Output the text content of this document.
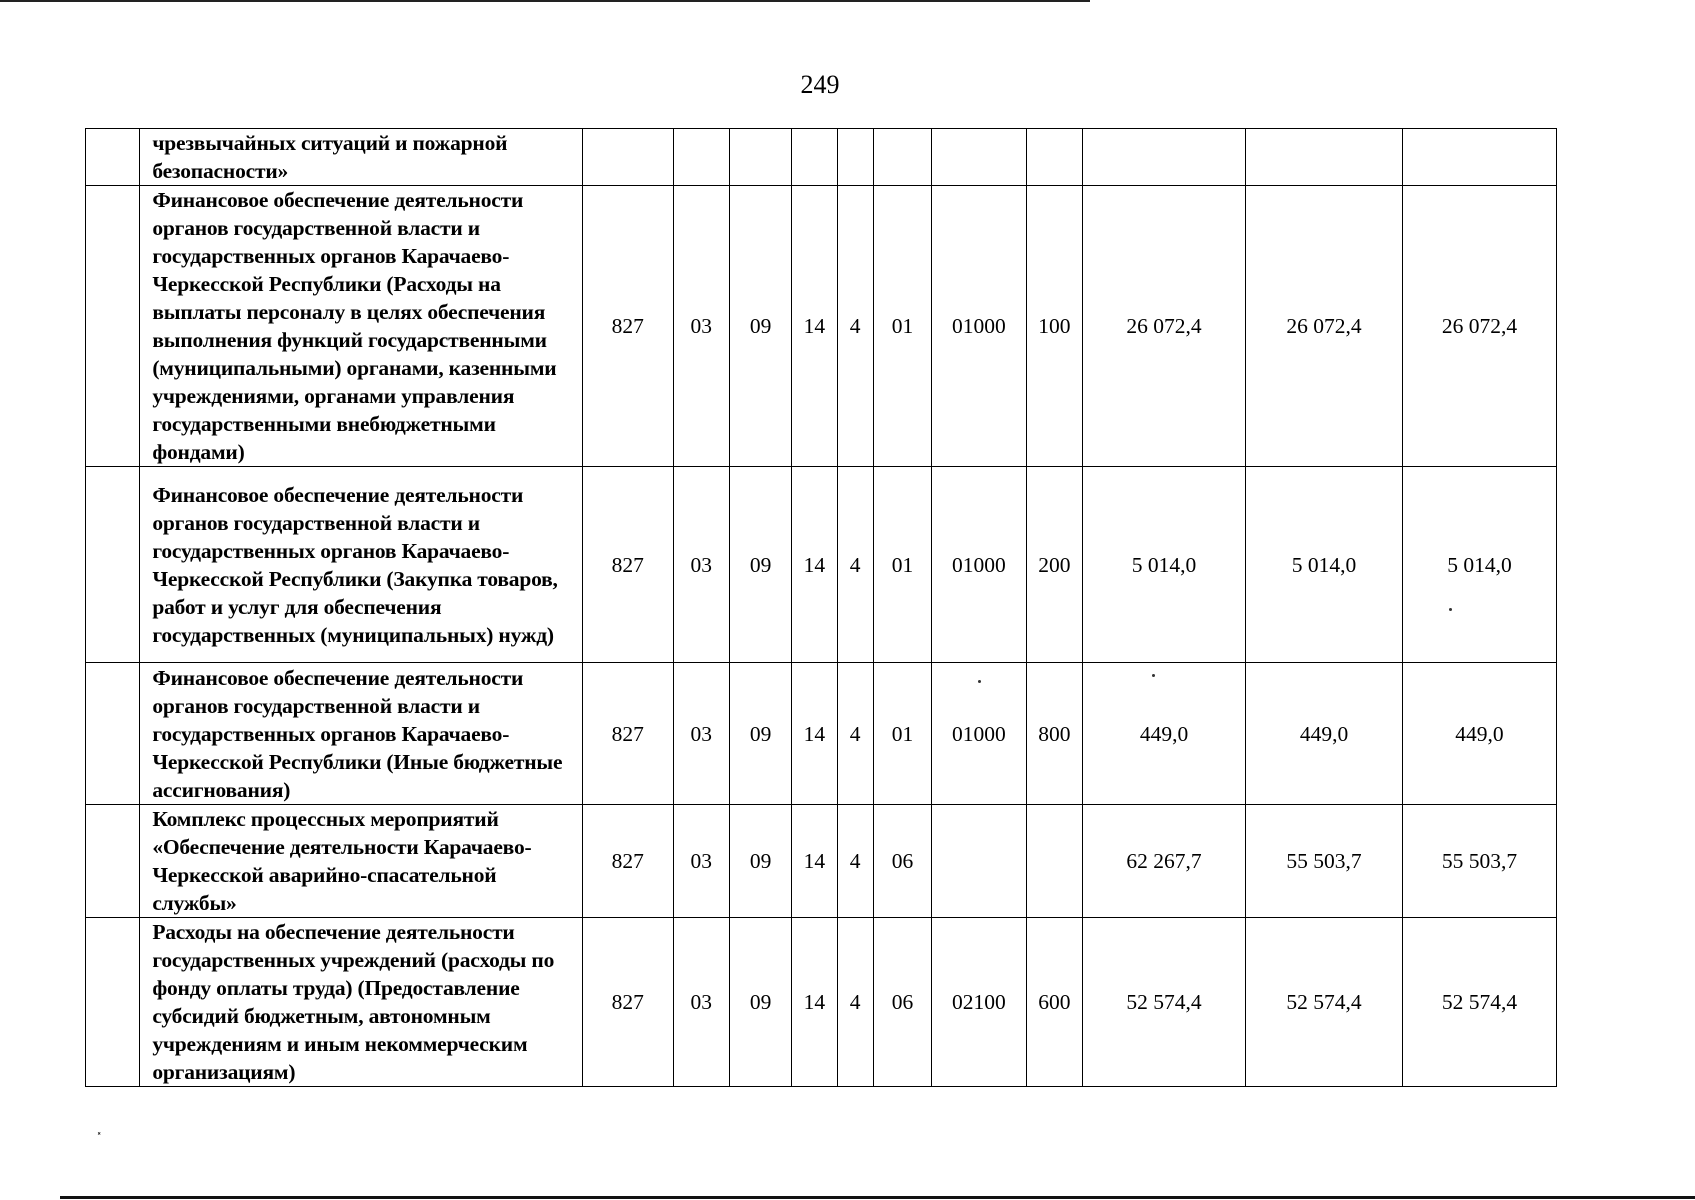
249
	чрезвычайных ситуаций и пожарной безопасности»											
	Финансовое обеспечение деятельности органов государственной власти и государственных органов Карачаево-Черкесской Республики (Расходы на выплаты персоналу в целях обеспечения выполнения функций государственными (муниципальными) органами, казенными учреждениями, органами управления государственными внебюджетными фондами)	827	03	09	14	4	01	01000	100	26 072,4	26 072,4	26 072,4
	Финансовое обеспечение деятельности органов государственной власти и государственных органов Карачаево-Черкесской Республики (Закупка товаров, работ и услуг для обеспечения государственных (муниципальных) нужд)	827	03	09	14	4	01	01000	200	5 014,0	5 014,0	5 014,0
	Финансовое обеспечение деятельности органов государственной власти и государственных органов Карачаево-Черкесской Республики (Иные бюджетные ассигнования)	827	03	09	14	4	01	01000	800	449,0	449,0	449,0
	Комплекс процессных мероприятий «Обеспечение деятельности Карачаево-Черкесской аварийно-спасательной службы»	827	03	09	14	4	06			62 267,7	55 503,7	55 503,7
	Расходы на обеспечение деятельности государственных учреждений (расходы по фонду оплаты труда) (Предоставление субсидий бюджетным, автономным учреждениям и иным некоммерческим организациям)	827	03	09	14	4	06	02100	600	52 574,4	52 574,4	52 574,4
⸼
